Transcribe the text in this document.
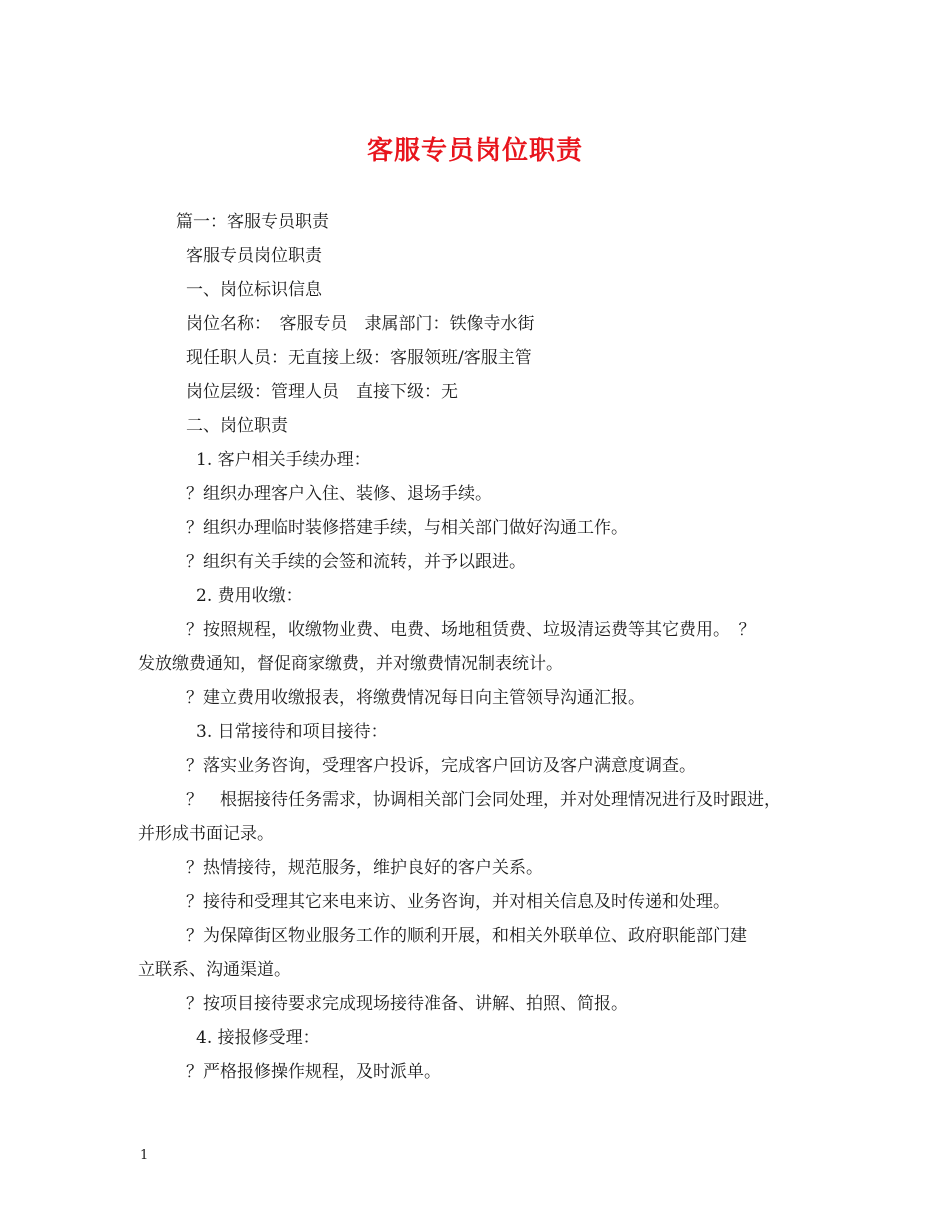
客服专员岗位职责
篇一：客服专员职责
客服专员岗位职责
一、岗位标识信息
岗位名称：　客服专员　隶属部门：铁像寺水街
现任职人员：无直接上级：客服领班/客服主管
岗位层级：管理人员　直接下级：无
二、岗位职责
1. 客户相关手续办理：
？组织办理客户入住、装修、退场手续。
？组织办理临时装修搭建手续，与相关部门做好沟通工作。
？组织有关手续的会签和流转，并予以跟进。
2. 费用收缴：
？按照规程，收缴物业费、电费、场地租赁费、垃圾清运费等其它费用。　？
发放缴费通知，督促商家缴费，并对缴费情况制表统计。
？建立费用收缴报表，将缴费情况每日向主管领导沟通汇报。
3. 日常接待和项目接待：
？落实业务咨询，受理客户投诉，完成客户回访及客户满意度调查。
？　根据接待任务需求，协调相关部门会同处理，并对处理情况进行及时跟进，
并形成书面记录。
？热情接待，规范服务，维护良好的客户关系。
？接待和受理其它来电来访、业务咨询，并对相关信息及时传递和处理。
？为保障街区物业服务工作的顺利开展，和相关外联单位、政府职能部门建
立联系、沟通渠道。
？按项目接待要求完成现场接待准备、讲解、拍照、简报。
4. 接报修受理：
？严格报修操作规程，及时派单。
1
